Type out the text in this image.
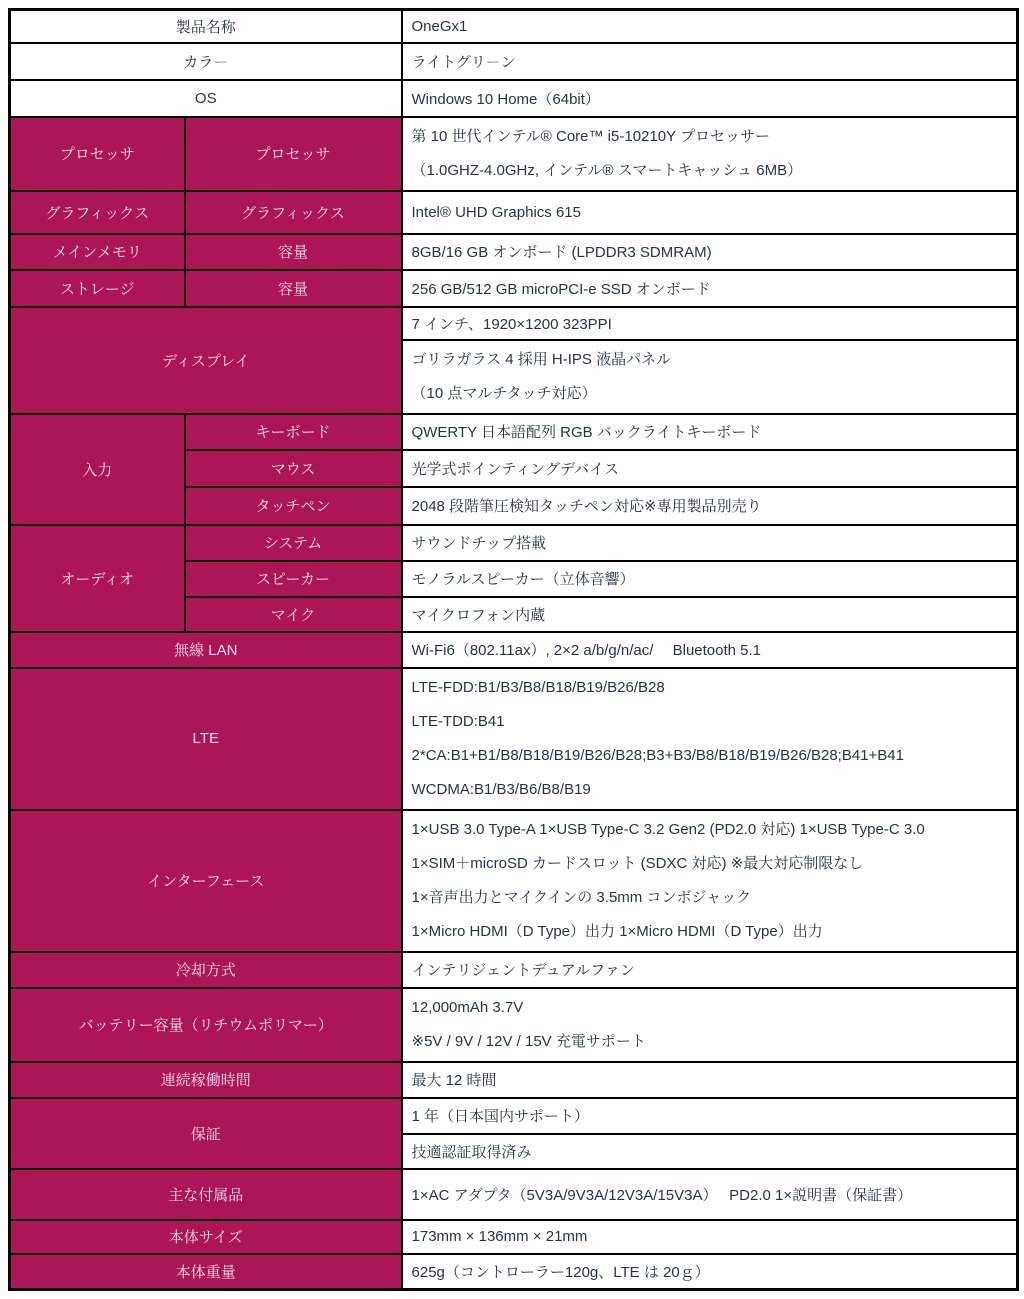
製品名称		OneGx1
カラー		ライトグリーン
OS		Windows 10 Home（64bit）
プロセッサ	プロセッサ	第 10 世代インテル® Core™ i5-10210Y プロセッサー
（1.0GHZ-4.0GHz, インテル® スマートキャッシュ 6MB）

グラフィックス	グラフィックス	Intel® UHD Graphics 615
メインメモリ	容量	8GB/16 GB オンボード (LPDDR3 SDMRAM)
ストレージ	容量	256 GB/512 GB microPCI-e SSD オンボード
ディスプレイ		7 インチ、1920×1200 323PPI

		ゴリラガラス 4 採用 H-IPS 液晶パネル
（10 点マルチタッチ対応）

入力	キーボード	QWERTY 日本語配列 RGB バックライトキーボード
	マウス	光学式ポインティングデバイス
	タッチペン	2048 段階筆圧検知タッチペン対応※専用製品別売り
オーディオ	システム	サウンドチップ搭載
	スピーカー	モノラルスピーカー（立体音響）
	マイク	マイクロフォン内蔵
無線 LAN		Wi-Fi6（802.11ax）, 2×2 a/b/g/n/ac/　 Bluetooth 5.1
LTE		LTE-FDD:B1/B3/B8/B18/B19/B26/B28
LTE-TDD:B41
2*CA:B1+B1/B8/B18/B19/B26/B28;B3+B3/B8/B18/B19/B26/B28;B41+B41
WCDMA:B1/B3/B6/B8/B19

インターフェース		1×USB 3.0 Type-A 1×USB Type-C 3.2 Gen2 (PD2.0 対応) 1×USB Type-C 3.0
1×SIM＋microSD カードスロット (SDXC 対応) ※最大対応制限なし
1×音声出力とマイクインの 3.5mm コンボジャック
1×Micro HDMI（D Type）出力 1×Micro HDMI（D Type）出力

冷却方式		インテリジェントデュアルファン
バッテリー容量（リチウムポリマー）		12,000mAh 3.7V
※5V / 9V / 12V / 15V 充電サポート

連続稼働時間		最大 12 時間
保証		1 年（日本国内サポート）
		技適認証取得済み
主な付属品		1×AC アダプタ（5V3A/9V3A/12V3A/15V3A）　 PD2.0 1×説明書（保証書）
本体サイズ		173mm × 136mm × 21mm
本体重量		625g（コントローラー120g、LTE は 20ｇ）
